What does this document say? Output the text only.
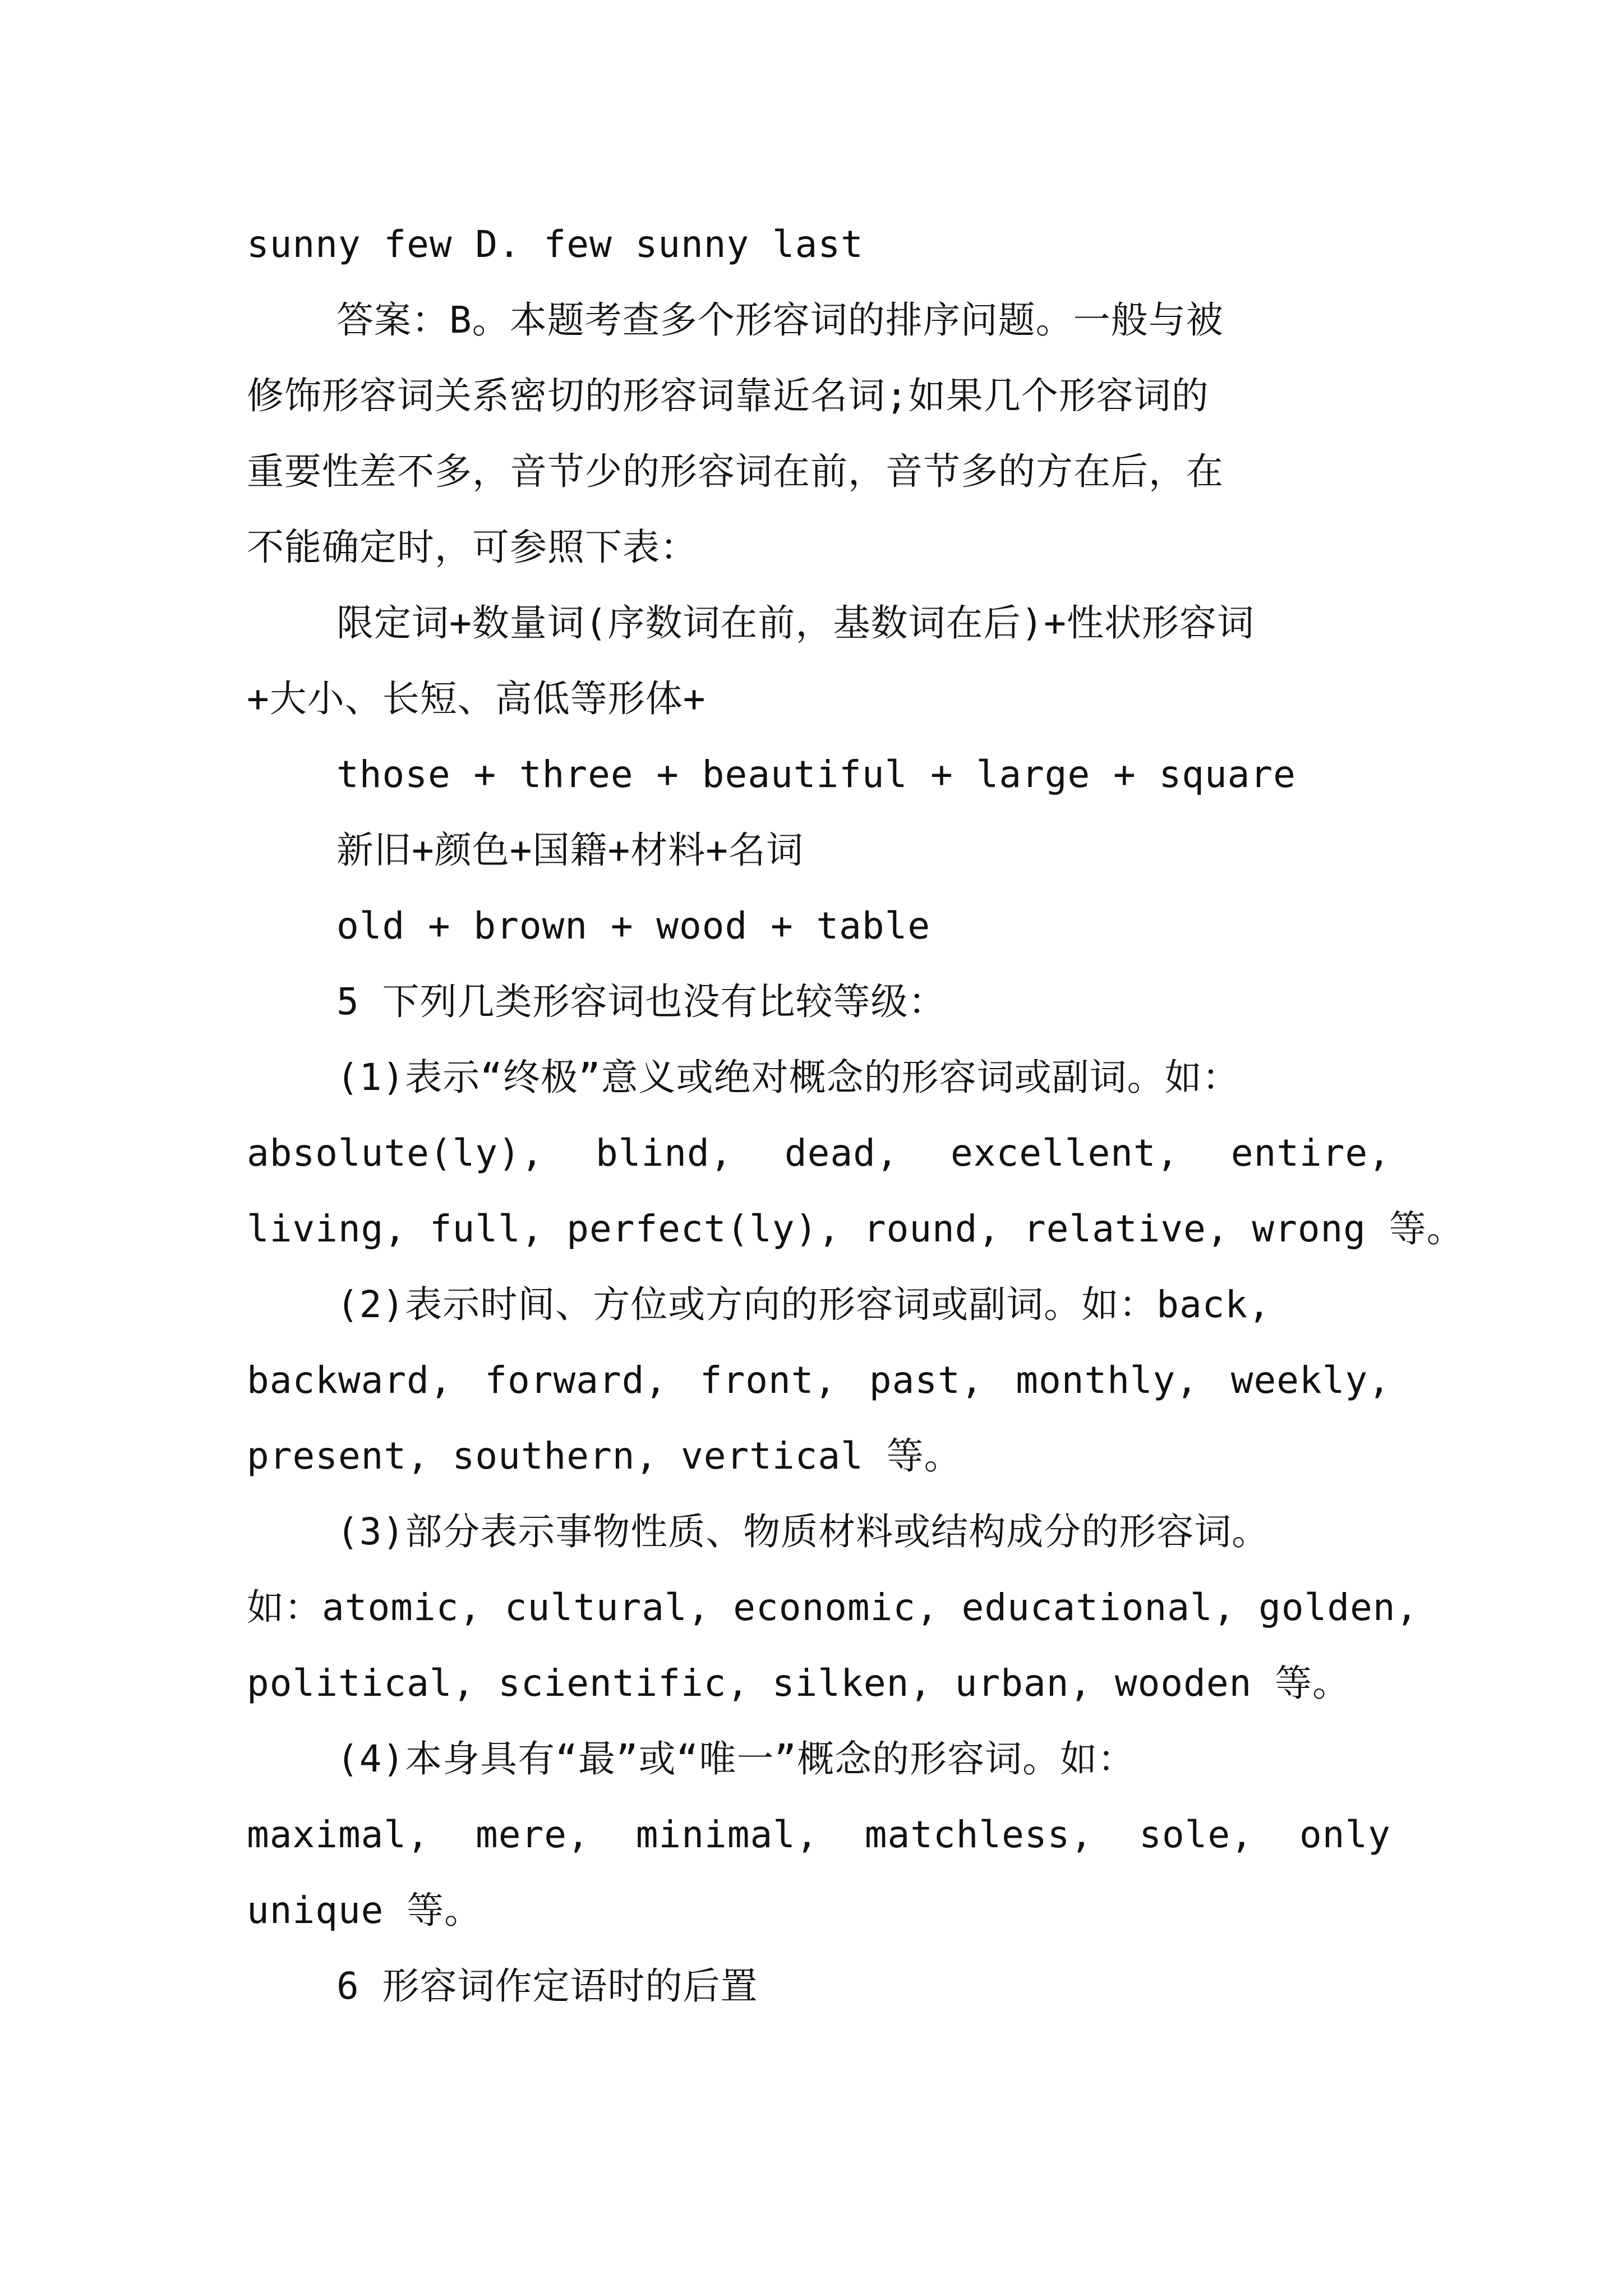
sunny few D. few sunny last
答案：B。本题考查多个形容词的排序问题。一般与被
修饰形容词关系密切的形容词靠近名词;如果几个形容词的
重要性差不多，音节少的形容词在前，音节多的方在后，在
不能确定时，可参照下表：
限定词+数量词(序数词在前，基数词在后)+性状形容词
+大小、长短、高低等形体+
those + three + beautiful + large + square
新旧+颜色+国籍+材料+名词
old + brown + wood + table
5 下列几类形容词也没有比较等级：
(1)表示“终极”意义或绝对概念的形容词或副词。如：
absolute(ly), blind, dead, excellent, entire,
living, full, perfect(ly), round, relative, wrong 等。
(2)表示时间、方位或方向的形容词或副词。如：back,
backward, forward, front, past, monthly, weekly,
present, southern, vertical 等。
(3)部分表示事物性质、物质材料或结构成分的形容词。
如：atomic, cultural, economic, educational, golden,
political, scientific, silken, urban, wooden 等。
(4)本身具有“最”或“唯一”概念的形容词。如：
maximal, mere, minimal, matchless, sole, only
unique 等。
6 形容词作定语时的后置
